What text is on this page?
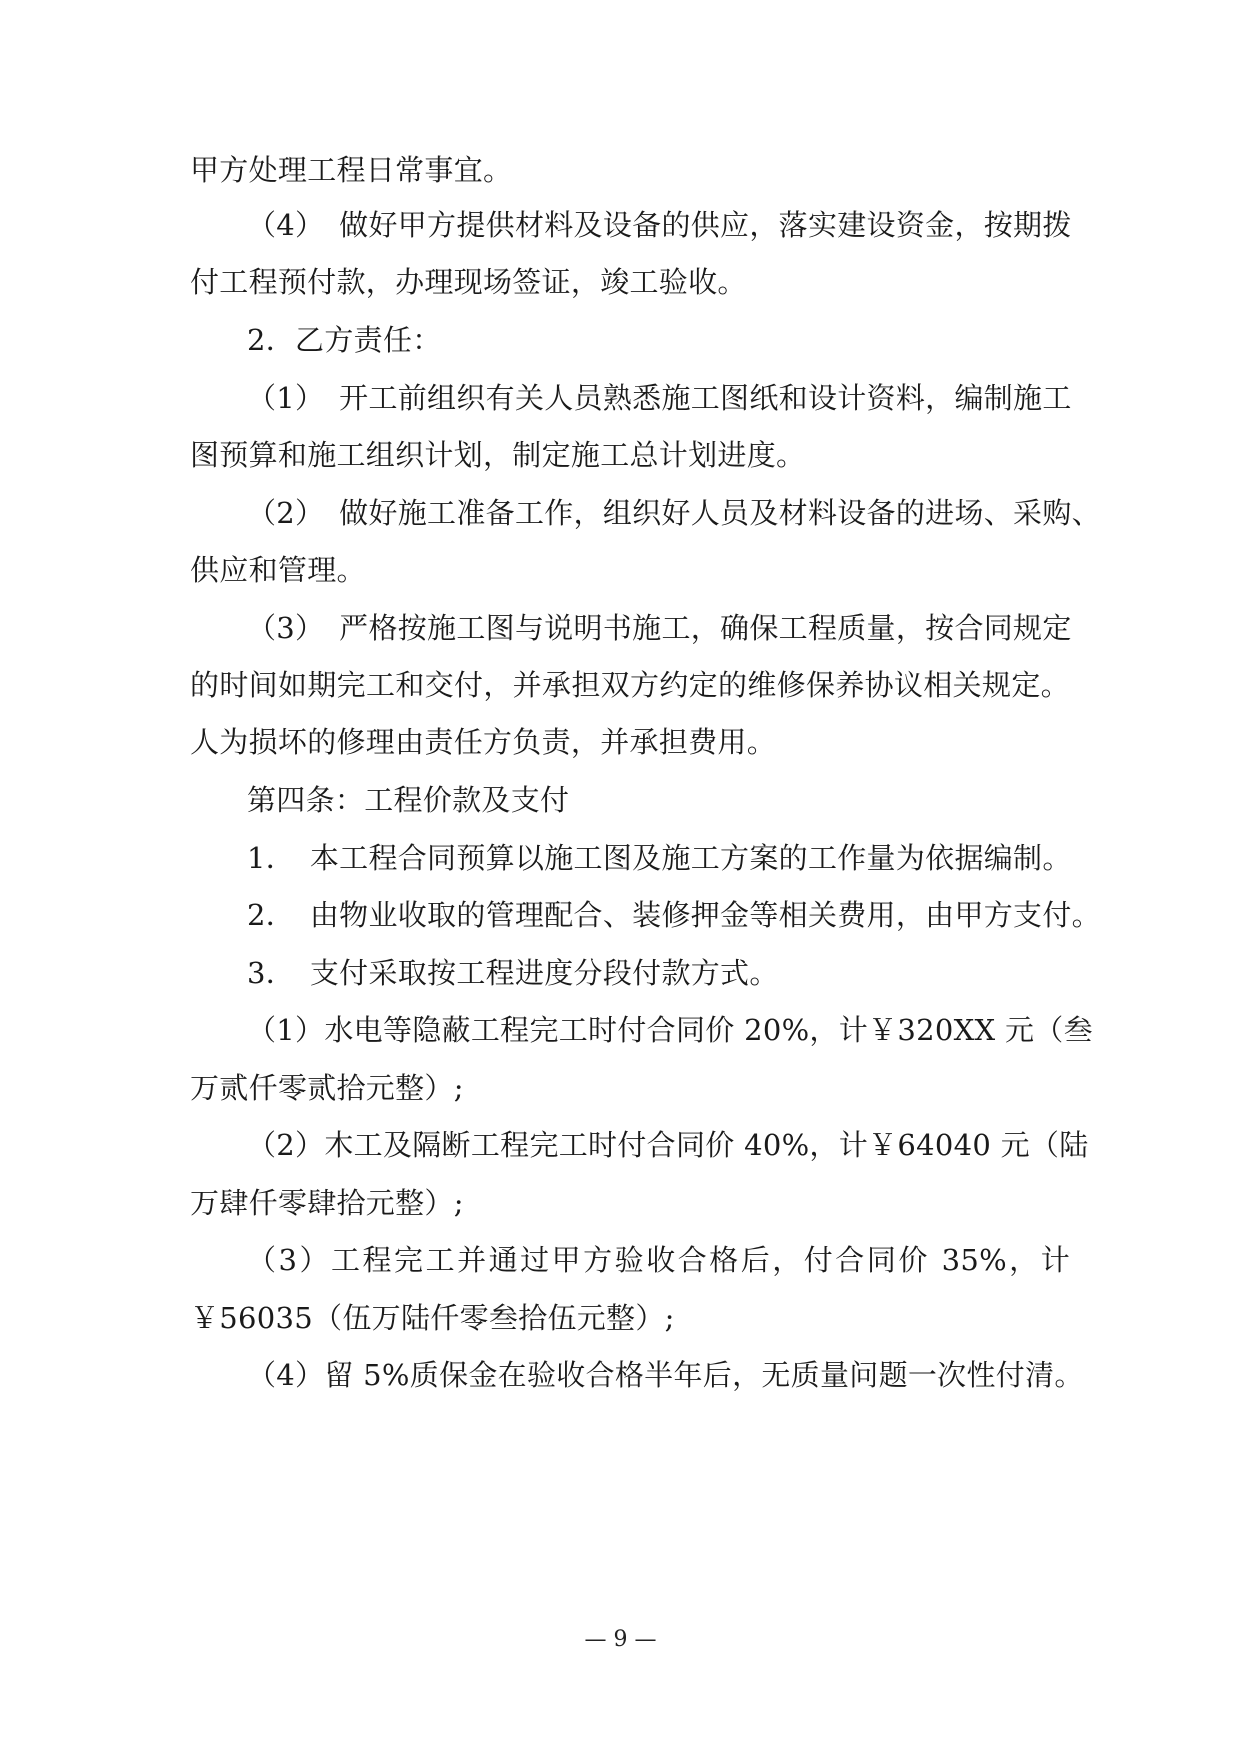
甲方处理工程日常事宜。
（4）　做好甲方提供材料及设备的供应，落实建设资金，按期拨
付工程预付款，办理现场签证，竣工验收。
2．乙方责任：
（1）　开工前组织有关人员熟悉施工图纸和设计资料，编制施工
图预算和施工组织计划，制定施工总计划进度。
（2）　做好施工准备工作，组织好人员及材料设备的进场、采购、
供应和管理。
（3）　严格按施工图与说明书施工，确保工程质量，按合同规定
的时间如期完工和交付，并承担双方约定的维修保养协议相关规定。
人为损坏的修理由责任方负责，并承担费用。
第四条：工程价款及支付
1．　本工程合同预算以施工图及施工方案的工作量为依据编制。
2．　由物业收取的管理配合、装修押金等相关费用，由甲方支付。
3．　支付采取按工程进度分段付款方式。
（1）水电等隐蔽工程完工时付合同价 20%，计￥320XX 元（叁
万贰仟零贰拾元整）;
（2）木工及隔断工程完工时付合同价 40%，计￥64040 元（陆
万肆仟零肆拾元整）;
（3）工程完工并通过甲方验收合格后，付合同价 35%，计
￥56035（伍万陆仟零叁拾伍元整）;
（4）留 5%质保金在验收合格半年后，无质量问题一次性付清。
— 9 —
